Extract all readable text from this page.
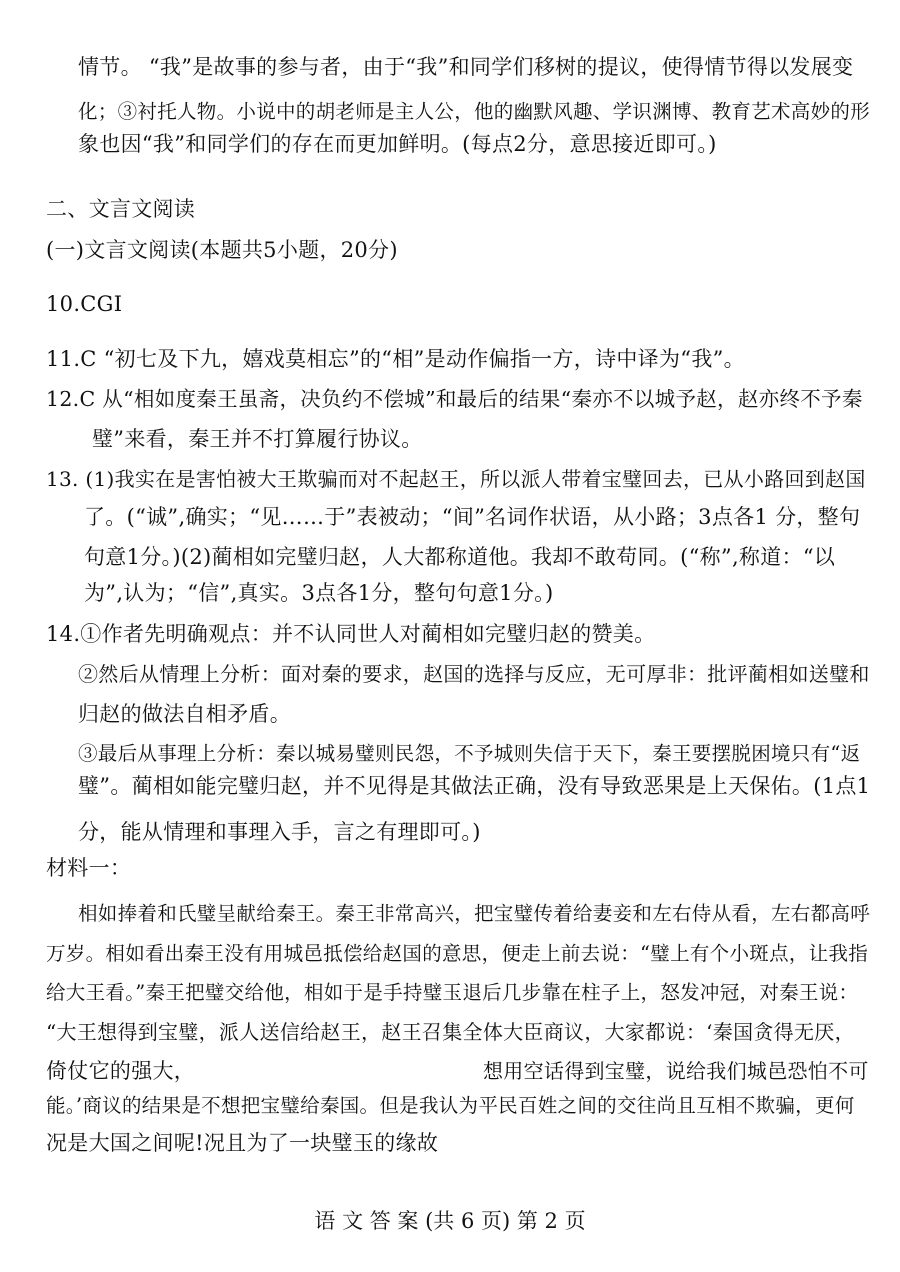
情节。 “我”是故事的参与者，由于“我”和同学们移树的提议，使得情节得以发展变
化；③衬托人物。小说中的胡老师是主人公，他的幽默风趣、学识渊博、教育艺术高妙的形
象也因“我”和同学们的存在而更加鲜明。(每点2分，意思接近即可。)
二、文言文阅读
(一)文言文阅读(本题共5小题，20分)
10.CGI
11.C “初七及下九，嬉戏莫相忘”的“相”是动作偏指一方，诗中译为“我”。
12.C 从“相如度秦王虽斋，决负约不偿城”和最后的结果“秦亦不以城予赵，赵亦终不予秦
璧”来看，秦王并不打算履行协议。
13. (1)我实在是害怕被大王欺骗而对不起赵王，所以派人带着宝璧回去，已从小路回到赵国
了。(“诚”,确实；“见……于”表被动；“间”名词作状语，从小路；3点各1 分，整句
句意1分。)(2)蔺相如完璧归赵，人大都称道他。我却不敢苟同。(“称”,称道：“以
为”,认为；“信”,真实。3点各1分，整句句意1分。)
14.①作者先明确观点：并不认同世人对蔺相如完璧归赵的赞美。
②然后从情理上分析：面对秦的要求，赵国的选择与反应，无可厚非：批评蔺相如送璧和
归赵的做法自相矛盾。
③最后从事理上分析：秦以城易璧则民怨，不予城则失信于天下，秦王要摆脱困境只有“返
璧”。蔺相如能完璧归赵，并不见得是其做法正确，没有导致恶果是上天保佑。(1点1
分，能从情理和事理入手，言之有理即可。)
材料一：
相如捧着和氏璧呈献给秦王。秦王非常高兴，把宝璧传着给妻妾和左右侍从看，左右都高呼
万岁。相如看出秦王没有用城邑抵偿给赵国的意思，便走上前去说：“璧上有个小斑点，让我指
给大王看。”秦王把璧交给他，相如于是手持璧玉退后几步靠在柱子上，怒发冲冠，对秦王说：
“大王想得到宝璧，派人送信给赵王，赵王召集全体大臣商议，大家都说：‘秦国贪得无厌，
倚仗它的强大，	想用空话得到宝璧，说给我们城邑恐怕不可
能。’商议的结果是不想把宝璧给秦国。但是我认为平民百姓之间的交往尚且互相不欺骗，更何
况是大国之间呢!况且为了一块璧玉的缘故
语 文 答 案 (共 6 页) 第 2 页
